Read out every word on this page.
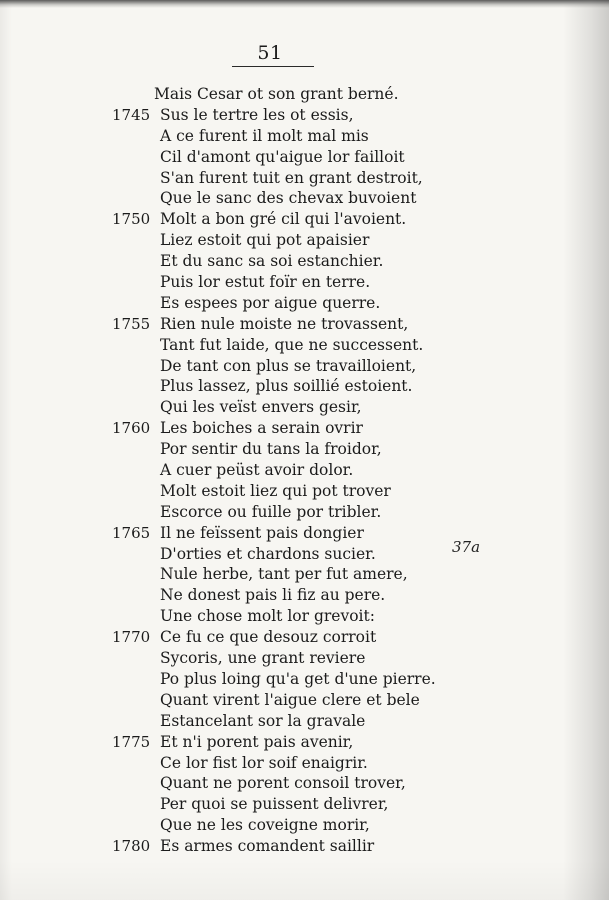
51
Mais Cesar ot son grant berné.
1745 Sus le tertre les ot essis,
A ce furent il molt mal mis
Cil d'amont qu'aigue lor failloit
S'an furent tuit en grant destroit,
Que le sanc des chevax buvoient
1750 Molt a bon gré cil qui l'avoient.
Liez estoit qui pot apaisier
Et du sanc sa soi estanchier.
Puis lor estut foïr en terre.
Es espees por aigue querre.
1755 Rien nule moiste ne trovassent,
Tant fut laide, que ne successent.
De tant con plus se travailloient,
Plus lassez, plus soillié estoient.
Qui les veïst envers gesir,
1760 Les boiches a serain ovrir
Por sentir du tans la froidor,
A cuer peüst avoir dolor.
Molt estoit liez qui pot trover
Escorce ou fuille por tribler.
1765 Il ne feïssent pais dongier
D'orties et chardons sucier.
Nule herbe, tant per fut amere,
Ne donest pais li fiz au pere.
Une chose molt lor grevoit:
1770 Ce fu ce que desouz corroit
Sycoris, une grant reviere
Po plus loing qu'a get d'une pierre.
Quant virent l'aigue clere et bele
Estancelant sor la gravale
1775 Et n'i porent pais avenir,
Ce lor fist lor soif enaigrir.
Quant ne porent consoil trover,
Per quoi se puissent delivrer,
Que ne les coveigne morir,
1780 Es armes comandent saillir
37a
